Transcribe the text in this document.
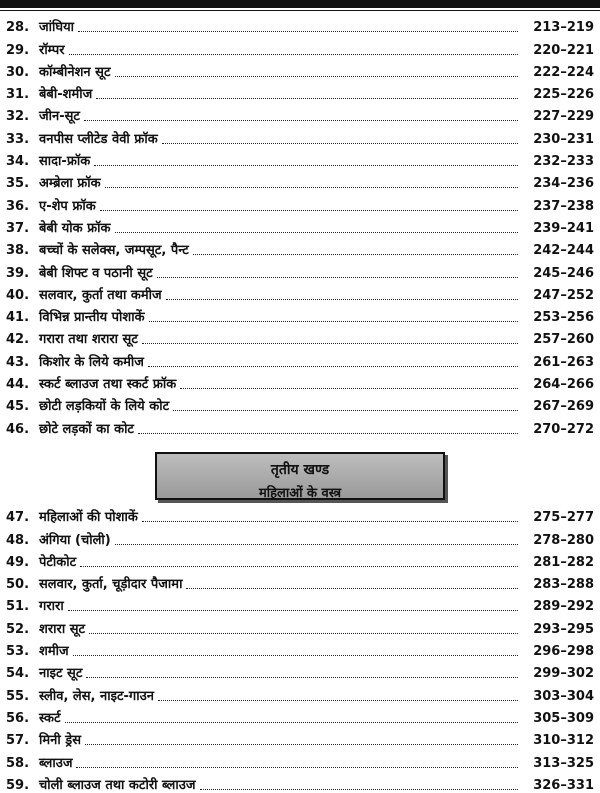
28. जांघिया	213–219
29. रॉम्पर	220–221
30. कॉम्बीनेशन सूट	222–224
31. बेबी-शमीज	225–226
32. जीन-सूट	227–229
33. वनपीस प्लीटेड वेवी फ्रॉक	230–231
34. सादा-फ्रॉक	232–233
35. अम्ब्रेला फ्रॉक	234–236
36. ए-शेप फ्रॉक	237–238
37. बेबी योक फ्रॉक	239–241
38. बच्चों के सलेक्स, जम्पसूट, पैन्ट	242–244
39. बेबी शिफ्ट व पठानी सूट	245–246
40. सलवार, कुर्ता तथा कमीज	247–252
41. विभिन्न प्रान्तीय पोशाकें	253–256
42. गरारा तथा शरारा सूट	257–260
43. किशोर के लिये कमीज	261–263
44. स्कर्ट ब्लाउज तथा स्कर्ट फ्रॉक	264–266
45. छोटी लड़कियों के लिये कोट	267–269
46. छोटे लड़कों का कोट	270–272
तृतीय खण्ड
महिलाओं के वस्त्र
47. महिलाओं की पोशाकें	275–277
48. अंगिया (चोली)	278–280
49. पेटीकोट	281–282
50. सलवार, कुर्ता, चूड़ीदार पैजामा	283–288
51. गरारा	289–292
52. शरारा सूट	293–295
53. शमीज	296–298
54. नाइट सूट	299–302
55. स्लीव, लेस, नाइट-गाउन	303–304
56. स्कर्ट	305–309
57. मिनी ड्रेस	310–312
58. ब्लाउज	313–325
59. चोली ब्लाउज तथा कटोरी ब्लाउज	326–331
